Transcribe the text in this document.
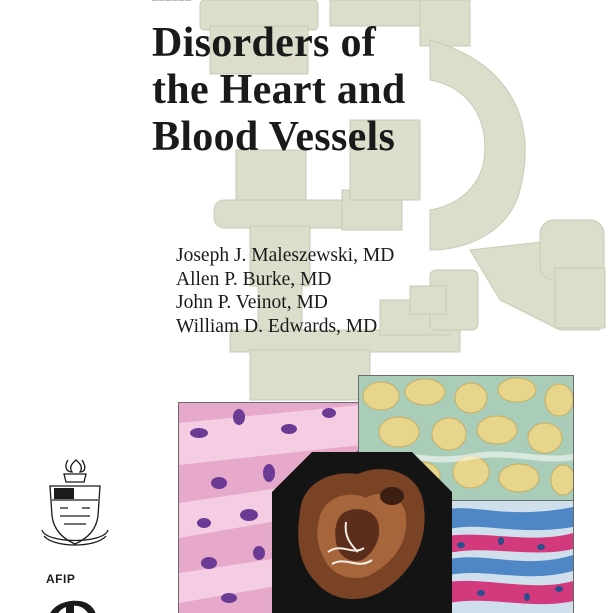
──────
Disorders of
the Heart and
Blood Vessels
Joseph J. Maleszewski, MD
Allen P. Burke, MD
John P. Veinot, MD
William D. Edwards, MD
AFIP
